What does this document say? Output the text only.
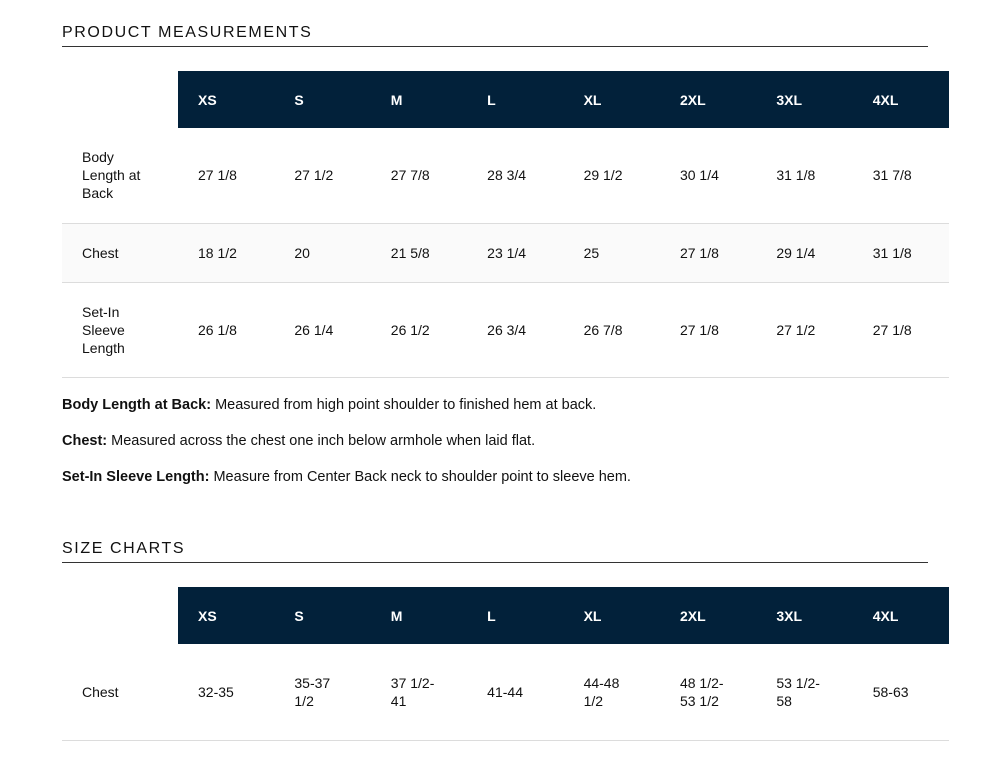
PRODUCT MEASUREMENTS
	XS	S	M	L	XL	2XL	3XL	4XL
Body Length at Back	27 1/8	27 1/2	27 7/8	28 3/4	29 1/2	30 1/4	31 1/8	31 7/8
Chest	18 1/2	20	21 5/8	23 1/4	25	27 1/8	29 1/4	31 1/8
Set-In Sleeve Length	26 1/8	26 1/4	26 1/2	26 3/4	26 7/8	27 1/8	27 1/2	27 1/8

Body Length at Back: Measured from high point shoulder to finished hem at back.

Chest: Measured across the chest one inch below armhole when laid flat.

Set-In Sleeve Length: Measure from Center Back neck to shoulder point to sleeve hem.

SIZE CHARTS
	XS	S	M	L	XL	2XL	3XL	4XL
Chest	32-35	35-37 1/2	37 1/2-41	41-44	44-48 1/2	48 1/2-53 1/2	53 1/2-58	58-63
